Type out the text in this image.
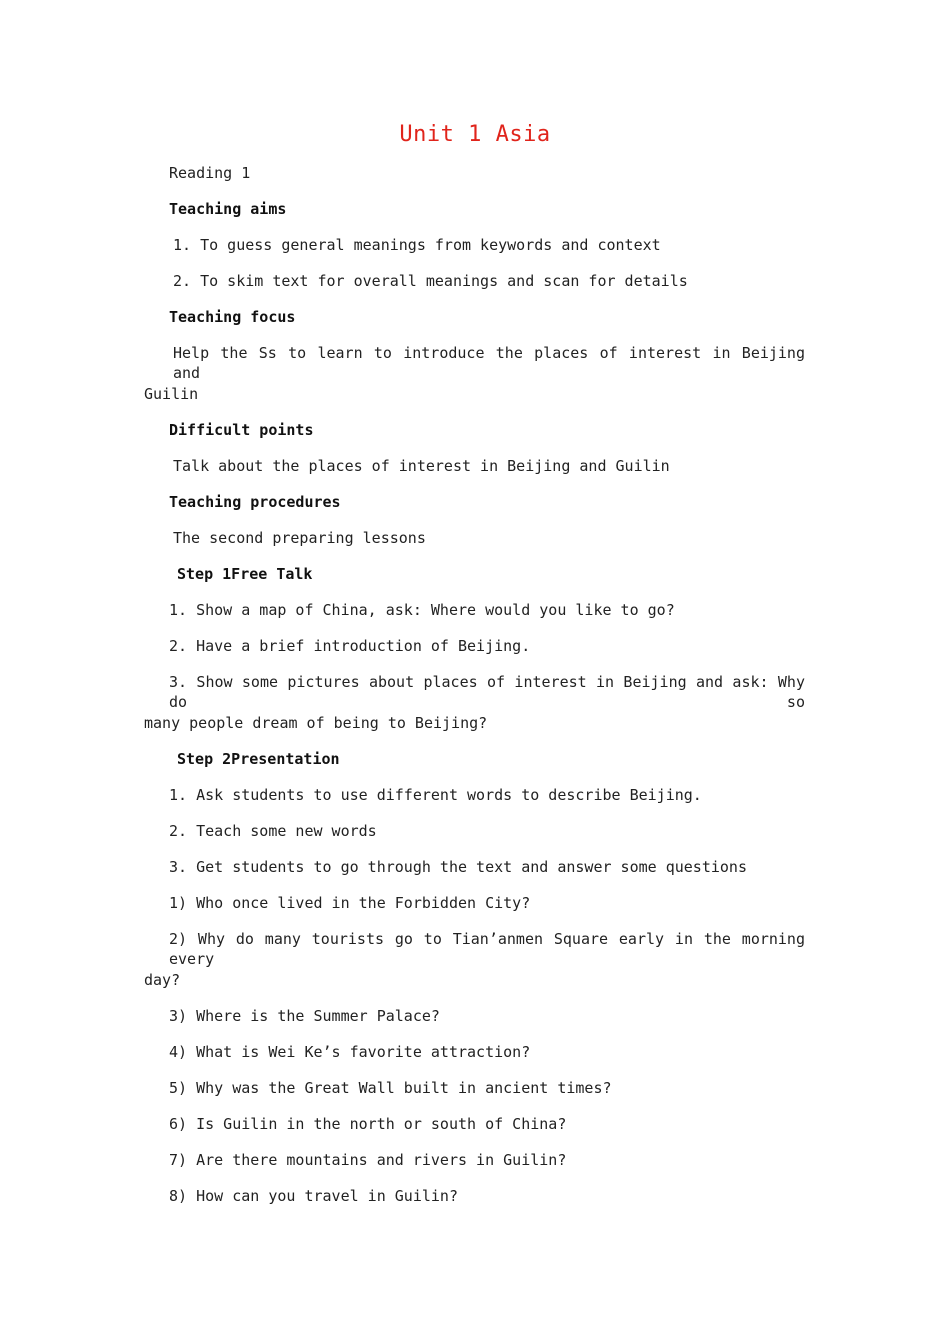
Unit 1 Asia
Reading 1
Teaching aims
1. To guess general meanings from keywords and context
2. To skim text for overall meanings and scan for details
Teaching focus
Help the Ss to learn to introduce the places of interest in Beijing and
Guilin
Difficult points
Talk about the places of interest in Beijing and Guilin
Teaching procedures
The second preparing lessons
Step 1Free Talk
1. Show a map of China, ask: Where would you like to go?
2. Have a brief introduction of Beijing.
3. Show some pictures about places of interest in Beijing and ask: Why do so
many people dream of being to Beijing?
Step 2Presentation
1. Ask students to use different words to describe Beijing.
2. Teach some new words
3. Get students to go through the text and answer some questions
1) Who once lived in the Forbidden City?
2) Why do many tourists go to Tian’anmen Square early in the morning every
day?
3) Where is the Summer Palace?
4) What is Wei Ke’s favorite attraction?
5) Why was the Great Wall built in ancient times?
6) Is Guilin in the north or south of China?
7) Are there mountains and rivers in Guilin?
8) How can you travel in Guilin?
